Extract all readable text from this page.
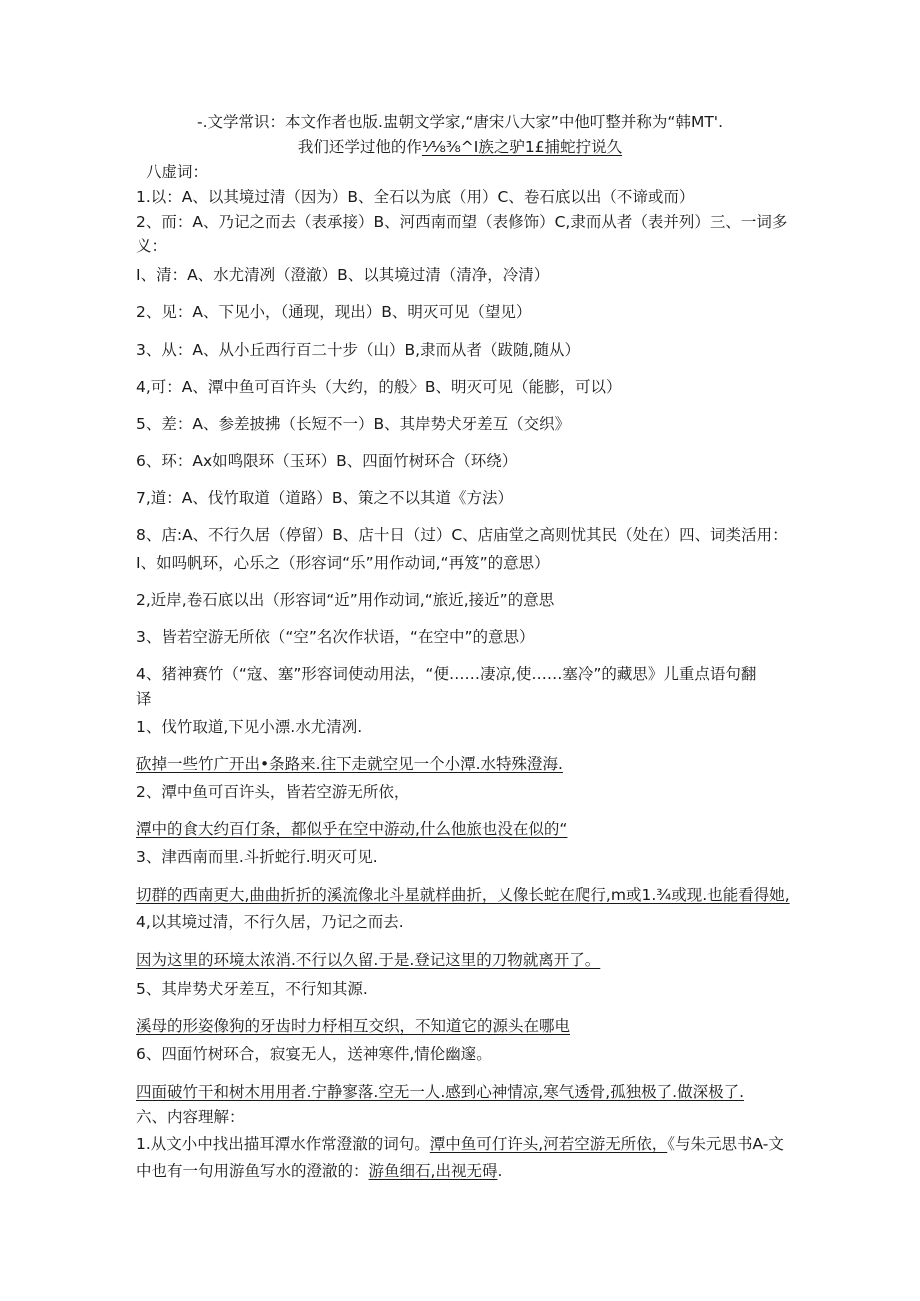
-.文学常识：本文作者也版.盅朝文学家,“唐宋八大家”中他叮整并称为“韩MT'.
我们还学过他的作⅟⅛⅜^I族之驴1£捕蛇拧说久
八虚词：
1.以：A、以其境过清（因为）B、全石以为底（用）C、卷石底以出（不谛或而）
2、而：A、乃记之而去（表承接）B、河西南而望（表修饰）C,隶而从者（表并列）三、一词多
义：
I、清：A、水尤清冽（澄澈）B、以其境过清（清净，冷清）
2、见：A、下见小，（通现，现出）B、明灭可见（望见）
3、从：A、从小丘西行百二十步（山）B,隶而从者（跋随,随从）
4,可：A、潭中鱼可百许头（大约，的般〉B、明灭可见（能膨，可以）
5、差：A、参差披拂（长短不一）B、其岸势犬牙差互（交织》
6、环：Ax如鸣限环（玉环）B、四面竹树环合（环绕）
7,道：A、伐竹取道（道路）B、策之不以其道《方法）
8、店:A、不行久居（停留）B、店十日（过）C、店庙堂之高则忧其民（处在）四、词类活用：
I、如吗帆环，心乐之（形容词“乐”用作动词,“再笈”的意思）
2,近岸,卷石底以出（形容词“近”用作动词,“旅近,接近”的意思
3、皆若空游无所依（“空”名次作状语，“在空中”的意思）
4、猪神赛竹（“寇、塞”形容词使动用法，“便……凄凉,使……塞冷”的藏思》儿重点语句翻
译
1、伐竹取道,下见小漂.水尤清冽.
砍掉一些竹广开出•条路来.往下走就空见一个小潭.水特殊澄海.
2、潭中鱼可百许头，皆若空游无所依，
潭中的食大约百仃条，都似乎在空中游动,什么他旅也没在似的“
3、津西南而里.斗折蛇行.明灭可见.
切群的西南更大,曲曲折折的溪流像北斗星就样曲折，乂像长蛇在爬行,m或1.¾或现.也能看得她,
4,以其境过清，不行久居，乃记之而去.
因为这里的环境太浓消.不行以久留.于是.登记这里的刀物就离开了。
5、其岸势犬牙差互，不行知其源.
溪母的形姿像狗的牙齿时力杼相互交织，不知道它的源头在哪电
6、四面竹树环合，寂宴无人，送神寒件,情伦幽邃。
四面破竹干和树木用用者.宁静寥落.空无一人.感到心神情凉,寒气透骨,孤独极了.做深极了.
六、内容理解：
1.从文小中找出描耳潭水作常澄澈的词句。潭中鱼可仃许头,河若空游无所依，《与朱元思书A-文
中也有一句用游鱼写水的澄澈的：游鱼细石,出视无碍.
